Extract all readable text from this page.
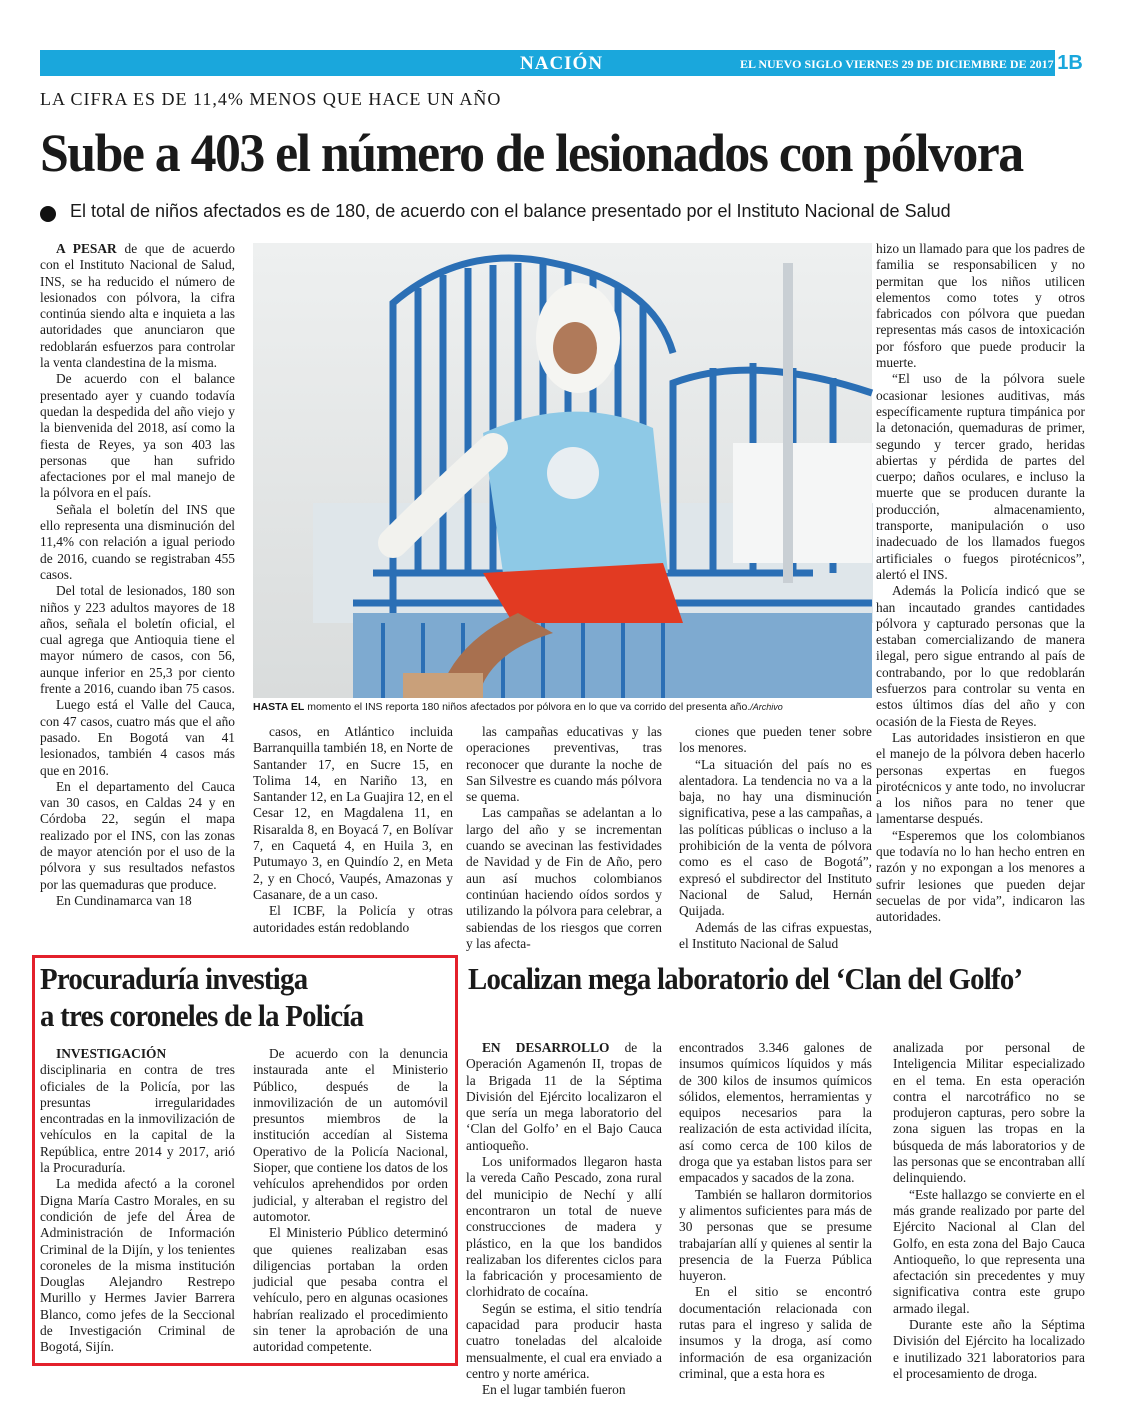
NACIÓN	EL NUEVO SIGLO VIERNES 29 DE DICIEMBRE DE 2017 1B
LA CIFRA ES DE 11,4% MENOS QUE HACE UN AÑO
Sube a 403 el número de lesionados con pólvora
El total de niños afectados es de 180, de acuerdo con el balance presentado por el Instituto Nacional de Salud

A PESAR de que de acuerdo con el Instituto Nacional de Salud, INS, se ha reducido el número de lesionados con pólvora, la cifra continúa siendo alta e inquieta a las autoridades que anunciaron que redoblarán esfuerzos para controlar la venta clandestina de la misma.

De acuerdo con el balance presentado ayer y cuando todavía quedan la despedida del año viejo y la bienvenida del 2018, así como la fiesta de Reyes, ya son 403 las personas que han sufrido afectaciones por el mal manejo de la pólvora en el país.

Señala el boletín del INS que ello representa una disminución del 11,4% con relación a igual periodo de 2016, cuando se registraban 455 casos.

Del total de lesionados, 180 son niños y 223 adultos mayores de 18 años, señala el boletín oficial, el cual agrega que Antioquia tiene el mayor número de casos, con 56, aunque inferior en 25,3 por ciento frente a 2016, cuando iban 75 casos.

Luego está el Valle del Cauca, con 47 casos, cuatro más que el año pasado. En Bogotá van 41 lesionados, también 4 casos más que en 2016.

En el departamento del Cauca van 30 casos, en Caldas 24 y en Córdoba 22, según el mapa realizado por el INS, con las zonas de mayor atención por el uso de la pólvora y sus resultados nefastos por las quemaduras que produce.

En Cundinamarca van 18

HASTA EL momento el INS reporta 180 niños afectados por pólvora en lo que va corrido del presenta año./Archivo

casos, en Atlántico incluida Barranquilla también 18, en Norte de Santander 17, en Sucre 15, en Tolima 14, en Nariño 13, en Santander 12, en La Guajira 12, en el Cesar 12, en Magdalena 11, en Risaralda 8, en Boyacá 7, en Bolívar 7, en Caquetá 4, en Huila 3, en Putumayo 3, en Quindío 2, en Meta 2, y en Chocó, Vaupés, Amazonas y Casanare, de a un caso.

El ICBF, la Policía y otras autoridades están redoblando

las campañas educativas y las operaciones preventivas, tras reconocer que durante la noche de San Silvestre es cuando más pólvora se quema.

Las campañas se adelantan a lo largo del año y se incrementan cuando se avecinan las festividades de Navidad y de Fin de Año, pero aun así muchos colombianos continúan haciendo oídos sordos y utilizando la pólvora para celebrar, a sabiendas de los riesgos que corren y las afecta-

ciones que pueden tener sobre los menores.

“La situación del país no es alentadora. La tendencia no va a la baja, no hay una disminución significativa, pese a las campañas, a las políticas públicas o incluso a la prohibición de la venta de pólvora como es el caso de Bogotá”, expresó el subdirector del Instituto Nacional de Salud, Hernán Quijada.

Además de las cifras expuestas, el Instituto Nacional de Salud

hizo un llamado para que los padres de familia se responsabilicen y no permitan que los niños utilicen elementos como totes y otros fabricados con pólvora que puedan representas más casos de intoxicación por fósforo que puede producir la muerte.

“El uso de la pólvora suele ocasionar lesiones auditivas, más específicamente ruptura timpánica por la detonación, quemaduras de primer, segundo y tercer grado, heridas abiertas y pérdida de partes del cuerpo; daños oculares, e incluso la muerte que se producen durante la producción, almacenamiento, transporte, manipulación o uso inadecuado de los llamados fuegos artificiales o fuegos pirotécnicos”, alertó el INS.

Además la Policía indicó que se han incautado grandes cantidades pólvora y capturado personas que la estaban comercializando de manera ilegal, pero sigue entrando al país de contrabando, por lo que redoblarán esfuerzos para controlar su venta en estos últimos días del año y con ocasión de la Fiesta de Reyes.

Las autoridades insistieron en que el manejo de la pólvora deben hacerlo personas expertas en fuegos pirotécnicos y ante todo, no involucrar a los niños para no tener que lamentarse después.

“Esperemos que los colombianos que todavía no lo han hecho entren en razón y no expongan a los menores a sufrir lesiones que pueden dejar secuelas de por vida”, indicaron las autoridades.

Procuraduría investiga
a tres coroneles de la Policía

INVESTIGACIÓN disciplinaria en contra de tres oficiales de la Policía, por las presuntas irregularidades encontradas en la inmovilización de vehículos en la capital de la República, entre 2014 y 2017, arió la Procuraduría.

La medida afectó a la coronel Digna María Castro Morales, en su condición de jefe del Área de Administración de Información Criminal de la Dijín, y los tenientes coroneles de la misma institución Douglas Alejandro Restrepo Murillo y Hermes Javier Barrera Blanco, como jefes de la Seccional de Investigación Criminal de Bogotá, Sijín.

De acuerdo con la denuncia instaurada ante el Ministerio Público, después de la inmovilización de un automóvil presuntos miembros de la institución accedían al Sistema Operativo de la Policía Nacional, Sioper, que contiene los datos de los vehículos aprehendidos por orden judicial, y alteraban el registro del automotor.

El Ministerio Público determinó que quienes realizaban esas diligencias portaban la orden judicial que pesaba contra el vehículo, pero en algunas ocasiones habrían realizado el procedimiento sin tener la aprobación de una autoridad competente.

Localizan mega laboratorio del ‘Clan del Golfo’

EN DESARROLLO de la Operación Agamenón II, tropas de la Brigada 11 de la Séptima División del Ejército localizaron el que sería un mega laboratorio del ‘Clan del Golfo’ en el Bajo Cauca antioqueño.

Los uniformados llegaron hasta la vereda Caño Pescado, zona rural del municipio de Nechí y allí encontraron un total de nueve construcciones de madera y plástico, en la que los bandidos realizaban los diferentes ciclos para la fabricación y procesamiento de clorhidrato de cocaína.

Según se estima, el sitio tendría capacidad para producir hasta cuatro toneladas del alcaloide mensualmente, el cual era enviado a centro y norte américa.

En el lugar también fueron

encontrados 3.346 galones de insumos químicos líquidos y más de 300 kilos de insumos químicos sólidos, elementos, herramientas y equipos necesarios para la realización de esta actividad ilícita, así como cerca de 100 kilos de droga que ya estaban listos para ser empacados y sacados de la zona.

También se hallaron dormitorios y alimentos suficientes para más de 30 personas que se presume trabajarían allí y quienes al sentir la presencia de la Fuerza Pública huyeron.

En el sitio se encontró documentación relacionada con rutas para el ingreso y salida de insumos y la droga, así como información de esa organización criminal, que a esta hora es

analizada por personal de Inteligencia Militar especializado en el tema. En esta operación contra el narcotráfico no se produjeron capturas, pero sobre la zona siguen las tropas en la búsqueda de más laboratorios y de las personas que se encontraban allí delinquiendo.

“Este hallazgo se convierte en el más grande realizado por parte del Ejército Nacional al Clan del Golfo, en esta zona del Bajo Cauca Antioqueño, lo que representa una afectación sin precedentes y muy significativa contra este grupo armado ilegal.

Durante este año la Séptima División del Ejército ha localizado e inutilizado 321 laboratorios para el procesamiento de droga.
